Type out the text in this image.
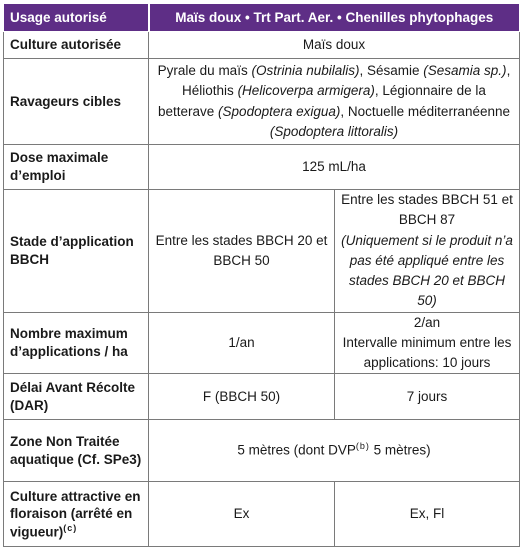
Usage autorisé	Maïs doux • Trt Part. Aer. • Chenilles phytophages	
Culture autorisée	Maïs doux	
Ravageurs cibles	Pyrale du maïs (Ostrinia nubilalis), Sésamie (Sesamia sp.), Héliothis (Helicoverpa armigera), Légionnaire de la betterave (Spodoptera exigua), Noctuelle méditerranéenne (Spodoptera littoralis)	
Dose maximale d’emploi	125 mL/ha	
Stade d’application BBCH	Entre les stades BBCH 20 et BBCH 50	Entre les stades BBCH 51 et BBCH 87
(Uniquement si le produit n’a pas été appliqué entre les stades BBCH 20 et BBCH 50)
Nombre maximum d’applications / ha	1/an	2/an
Intervalle minimum entre les applications: 10 jours
Délai Avant Récolte (DAR)	F (BBCH 50)	7 jours
Zone Non Traitée aquatique (Cf. SPe3)	5 mètres (dont DVP$^{(b)}$ 5 mètres)	
Culture attractive en floraison (arrêté en vigueur)$^{(c)}$	Ex	Ex, Fl
